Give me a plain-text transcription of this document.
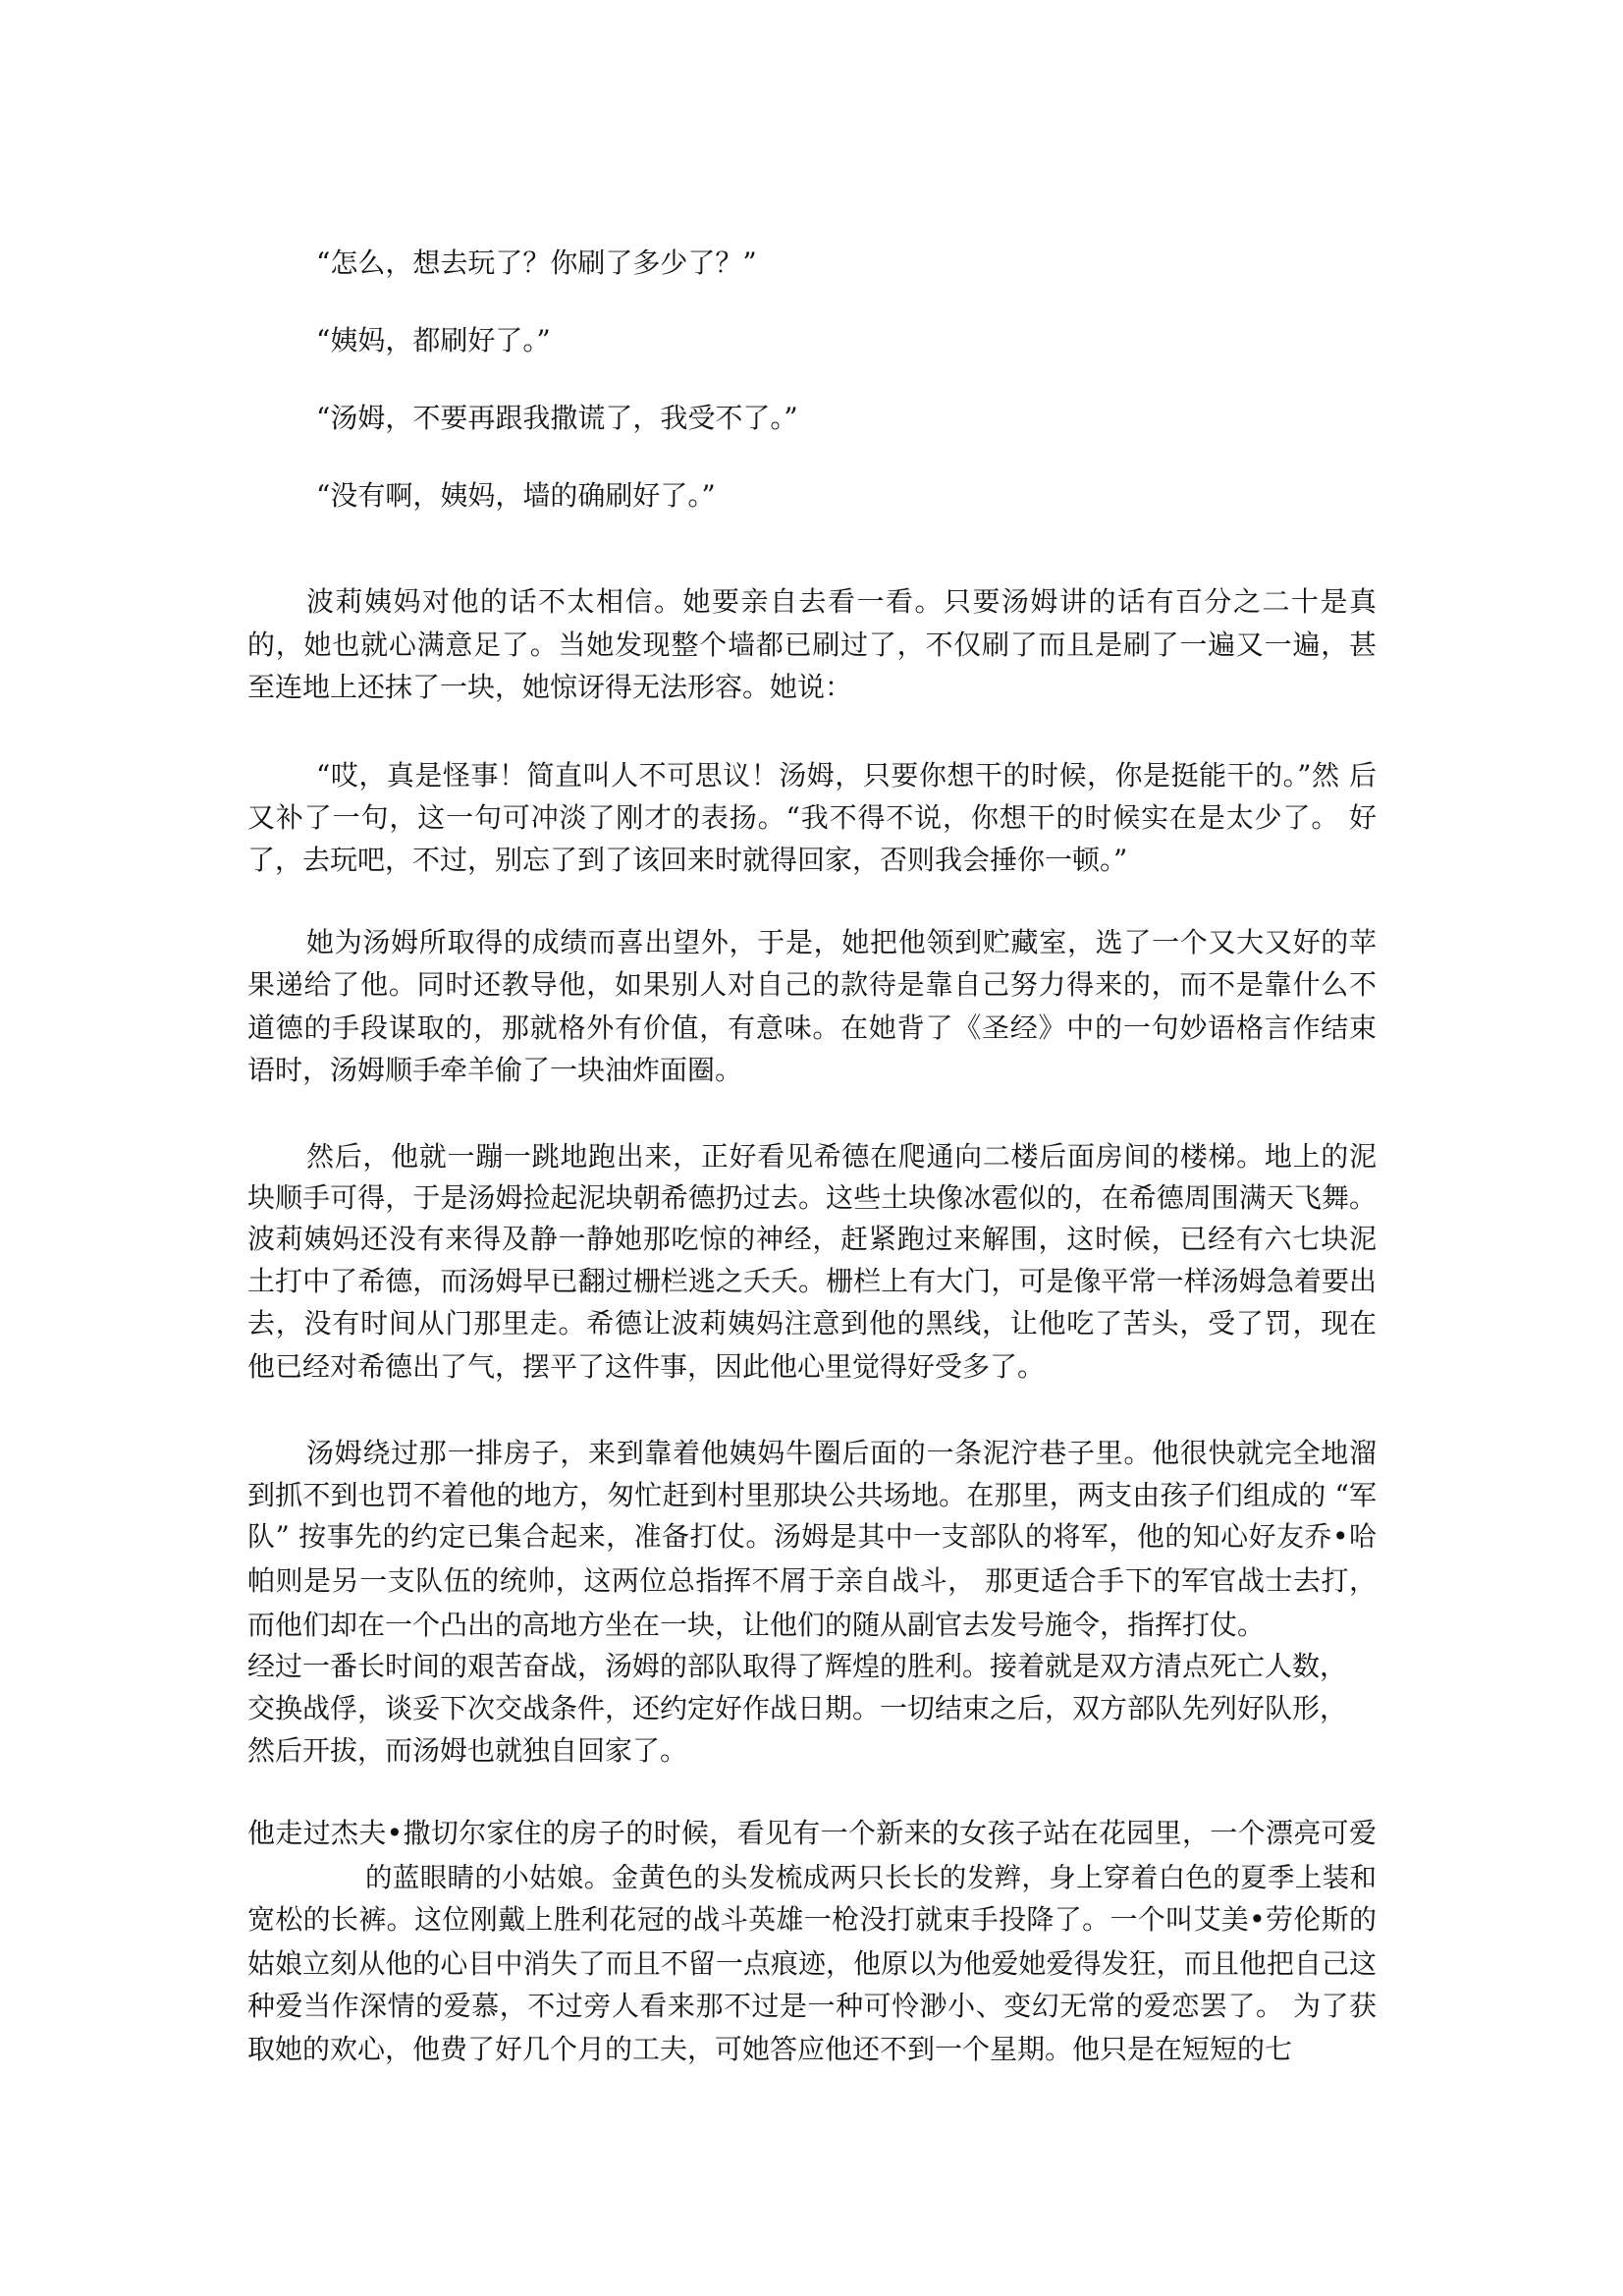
“怎么，想去玩了？你刷了多少了？”
“姨妈，都刷好了。”
“汤姆，不要再跟我撒谎了，我受不了。”
“没有啊，姨妈，墙的确刷好了。”
波莉姨妈对他的话不太相信。她要亲自去看一看。只要汤姆讲的话有百分之二十是真
的，她也就心满意足了。当她发现整个墙都已刷过了，不仅刷了而且是刷了一遍又一遍，甚
至连地上还抹了一块，她惊讶得无法形容。她说：
“哎，真是怪事！简直叫人不可思议！汤姆，只要你想干的时候，你是挺能干的。”然 后
又补了一句，这一句可冲淡了刚才的表扬。“我不得不说，你想干的时候实在是太少了。 好
了，去玩吧，不过，别忘了到了该回来时就得回家，否则我会捶你一顿。”
她为汤姆所取得的成绩而喜出望外，于是，她把他领到贮藏室，选了一个又大又好的苹
果递给了他。同时还教导他，如果别人对自己的款待是靠自己努力得来的，而不是靠什么不
道德的手段谋取的，那就格外有价值，有意味。在她背了《圣经》中的一句妙语格言作结束
语时，汤姆顺手牵羊偷了一块油炸面圈。
然后，他就一蹦一跳地跑出来，正好看见希德在爬通向二楼后面房间的楼梯。地上的泥
块顺手可得，于是汤姆捡起泥块朝希德扔过去。这些土块像冰雹似的，在希德周围满天飞舞。
波莉姨妈还没有来得及静一静她那吃惊的神经，赶紧跑过来解围，这时候，已经有六七块泥
土打中了希德，而汤姆早已翻过栅栏逃之夭夭。栅栏上有大门，可是像平常一样汤姆急着要出
去，没有时间从门那里走。希德让波莉姨妈注意到他的黑线，让他吃了苦头，受了罚，现在
他已经对希德出了气，摆平了这件事，因此他心里觉得好受多了。
汤姆绕过那一排房子，来到靠着他姨妈牛圈后面的一条泥泞巷子里。他很快就完全地溜
到抓不到也罚不着他的地方，匆忙赶到村里那块公共场地。在那里，两支由孩子们组成的 “军
队” 按事先的约定已集合起来，准备打仗。汤姆是其中一支部队的将军，他的知心好友乔•哈
帕则是另一支队伍的统帅，这两位总指挥不屑于亲自战斗， 那更适合手下的军官战士去打，
而他们却在一个凸出的高地方坐在一块，让他们的随从副官去发号施令，指挥打仗。
经过一番长时间的艰苦奋战，汤姆的部队取得了辉煌的胜利。接着就是双方清点死亡人数，
交换战俘，谈妥下次交战条件，还约定好作战日期。一切结束之后，双方部队先列好队形，
然后开拔，而汤姆也就独自回家了。
他走过杰夫•撒切尔家住的房子的时候，看见有一个新来的女孩子站在花园里，一个漂亮可爱
的蓝眼睛的小姑娘。金黄色的头发梳成两只长长的发辫，身上穿着白色的夏季上装和
宽松的长裤。这位刚戴上胜利花冠的战斗英雄一枪没打就束手投降了。一个叫艾美•劳伦斯的
姑娘立刻从他的心目中消失了而且不留一点痕迹，他原以为他爱她爱得发狂，而且他把自己这
种爱当作深情的爱慕，不过旁人看来那不过是一种可怜渺小、变幻无常的爱恋罢了。 为了获
取她的欢心，他费了好几个月的工夫，可她答应他还不到一个星期。他只是在短短的七
